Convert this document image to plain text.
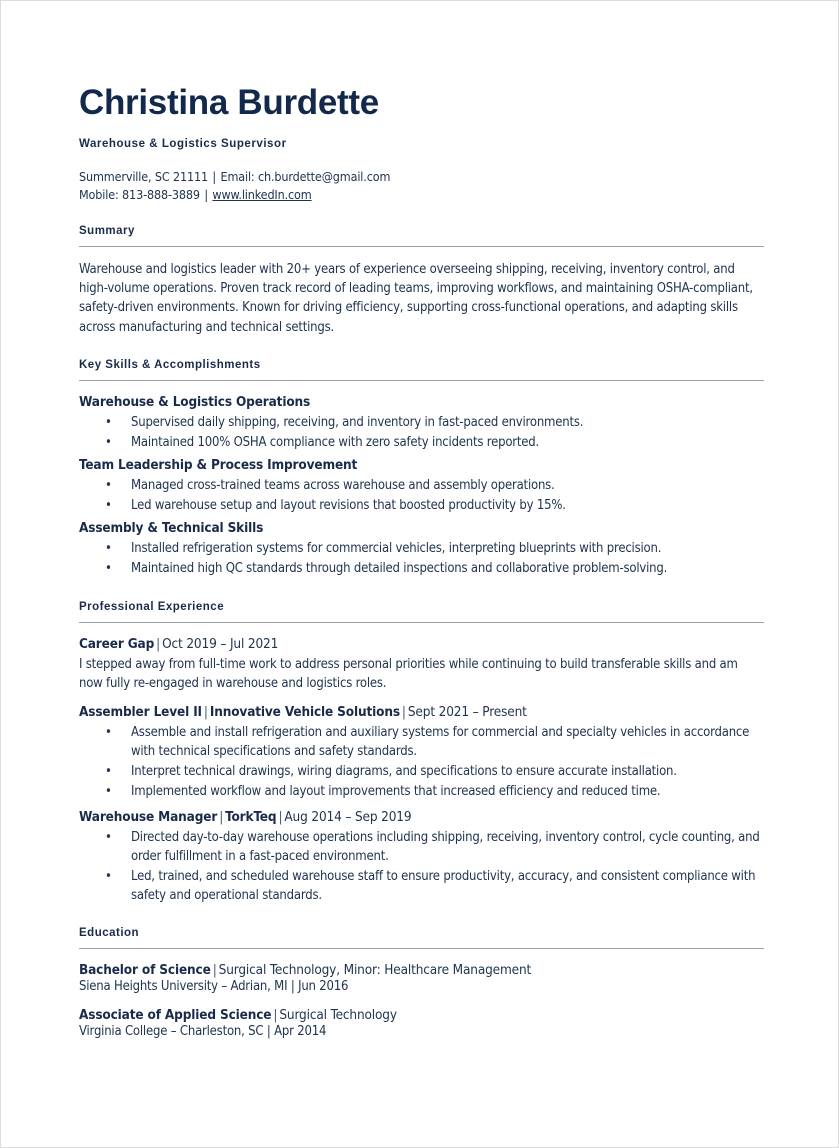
Christina Burdette
Warehouse & Logistics Supervisor
Summerville, SC 21111 | Email: ch.burdette@gmail.com
Mobile: 813-888-3889 | www.linkedIn.com
Summary

Warehouse and logistics leader with 20+ years of experience overseeing shipping, receiving, inventory control, and high-volume operations. Proven track record of leading teams, improving workflows, and maintaining OSHA-compliant, safety-driven environments. Known for driving efficiency, supporting cross-functional operations, and adapting skills across manufacturing and technical settings.

Key Skills & Accomplishments
Warehouse & Logistics Operations
• Supervised daily shipping, receiving, and inventory in fast-paced environments.
• Maintained 100% OSHA compliance with zero safety incidents reported.
Team Leadership & Process Improvement
• Managed cross-trained teams across warehouse and assembly operations.
• Led warehouse setup and layout revisions that boosted productivity by 15%.
Assembly & Technical Skills
• Installed refrigeration systems for commercial vehicles, interpreting blueprints with precision.
• Maintained high QC standards through detailed inspections and collaborative problem-solving.
Professional Experience
Career Gap | Oct 2019 – Jul 2021

I stepped away from full-time work to address personal priorities while continuing to build transferable skills and am now fully re-engaged in warehouse and logistics roles.

Assembler Level II | Innovative Vehicle Solutions | Sept 2021 – Present
• Assemble and install refrigeration and auxiliary systems for commercial and specialty vehicles in accordance with technical specifications and safety standards.
• Interpret technical drawings, wiring diagrams, and specifications to ensure accurate installation.
• Implemented workflow and layout improvements that increased efficiency and reduced time.
Warehouse Manager | TorkTeq | Aug 2014 – Sep 2019
• Directed day-to-day warehouse operations including shipping, receiving, inventory control, cycle counting, and order fulfillment in a fast-paced environment.
• Led, trained, and scheduled warehouse staff to ensure productivity, accuracy, and consistent compliance with safety and operational standards.
Education
Bachelor of Science | Surgical Technology, Minor: Healthcare Management
Siena Heights University – Adrian, MI | Jun 2016
Associate of Applied Science | Surgical Technology
Virginia College – Charleston, SC | Apr 2014
